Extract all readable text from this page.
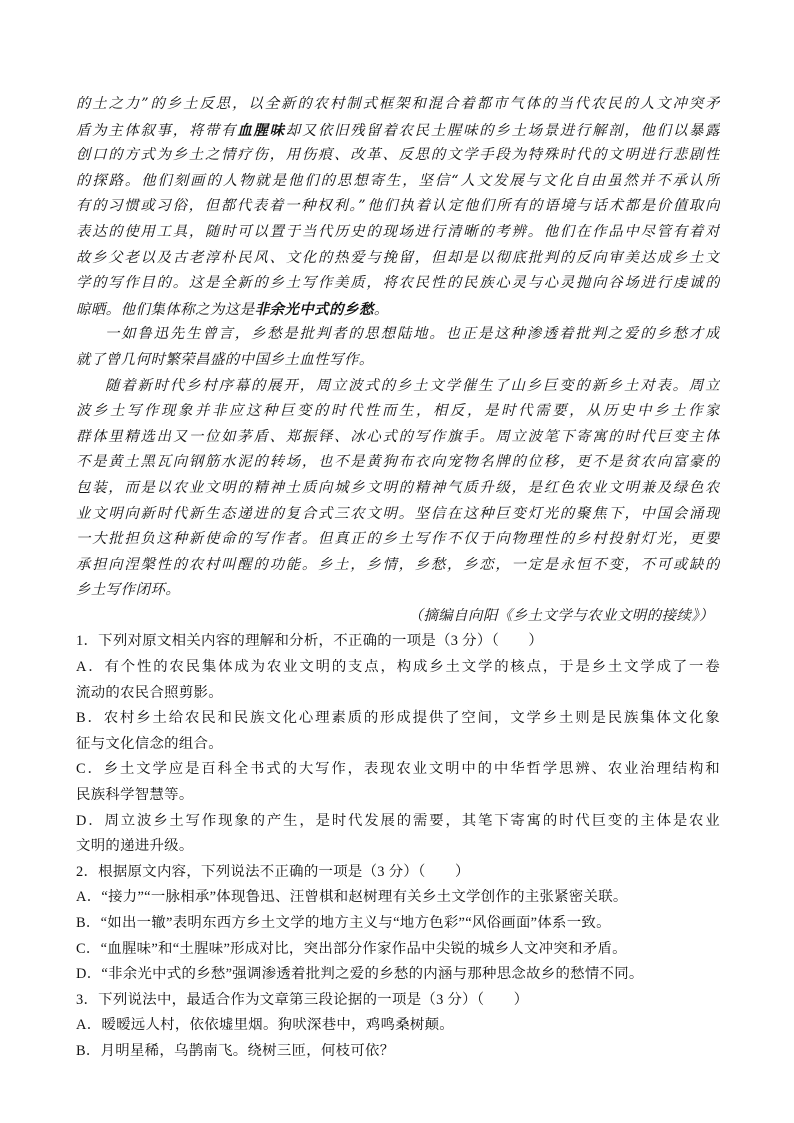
的土之力”的乡土反思，以全新的农村制式框架和混合着都市气体的当代农民的人文冲突矛
盾为主体叙事，将带有血腥味却又依旧残留着农民土腥味的乡土场景进行解剖，他们以暴露
创口的方式为乡土之情疗伤，用伤痕、改革、反思的文学手段为特殊时代的文明进行悲剧性
的探路。他们刻画的人物就是他们的思想寄生，坚信“人文发展与文化自由虽然并不承认所
有的习惯或习俗，但都代表着一种权利。”他们执着认定他们所有的语境与话术都是价值取向
表达的使用工具，随时可以置于当代历史的现场进行清晰的考辨。他们在作品中尽管有着对
故乡父老以及古老淳朴民风、文化的热爱与挽留，但却是以彻底批判的反向审美达成乡土文
学的写作目的。这是全新的乡土写作美质，将农民性的民族心灵与心灵抛向谷场进行虔诚的
晾晒。他们集体称之为这是非余光中式的乡愁。
一如鲁迅先生曾言，乡愁是批判者的思想陆地。也正是这种渗透着批判之爱的乡愁才成
就了曾几何时繁荣昌盛的中国乡土血性写作。
随着新时代乡村序幕的展开，周立波式的乡土文学催生了山乡巨变的新乡土对表。周立
波乡土写作现象并非应这种巨变的时代性而生，相反，是时代需要，从历史中乡土作家
群体里精选出又一位如茅盾、郑振铎、冰心式的写作旗手。周立波笔下寄寓的时代巨变主体
不是黄土黑瓦向钢筋水泥的转场，也不是黄狗布衣向宠物名牌的位移，更不是贫农向富豪的
包装，而是以农业文明的精神土质向城乡文明的精神气质升级，是红色农业文明兼及绿色农
业文明向新时代新生态递进的复合式三农文明。坚信在这种巨变灯光的聚焦下，中国会涌现
一大批担负这种新使命的写作者。但真正的乡土写作不仅于向物理性的乡村投射灯光，更要
承担向涅槃性的农村叫醒的功能。乡土，乡情，乡愁，乡恋，一定是永恒不变，不可或缺的
乡土写作闭环。
（摘编自向阳《乡土文学与农业文明的接续》）
1．下列对原文相关内容的理解和分析，不正确的一项是（3 分）（　　）
A．有个性的农民集体成为农业文明的支点，构成乡土文学的核点，于是乡土文学成了一卷
流动的农民合照剪影。
B．农村乡土给农民和民族文化心理素质的形成提供了空间，文学乡土则是民族集体文化象
征与文化信念的组合。
C．乡土文学应是百科全书式的大写作，表现农业文明中的中华哲学思辨、农业治理结构和
民族科学智慧等。
D．周立波乡土写作现象的产生，是时代发展的需要，其笔下寄寓的时代巨变的主体是农业
文明的递进升级。
2．根据原文内容，下列说法不正确的一项是（3 分）（　　）
A．“接力”“一脉相承”体现鲁迅、汪曾棋和赵树理有关乡土文学创作的主张紧密关联。
B．“如出一辙”表明东西方乡土文学的地方主义与“地方色彩”“风俗画面”体系一致。
C．“血腥味”和“土腥味”形成对比，突出部分作家作品中尖锐的城乡人文冲突和矛盾。
D．“非余光中式的乡愁”强调渗透着批判之爱的乡愁的内涵与那种思念故乡的愁情不同。
3．下列说法中，最适合作为文章第三段论据的一项是（3 分）（　　）
A．暧暧远人村，依依墟里烟。狗吠深巷中，鸡鸣桑树颠。
B．月明星稀，乌鹊南飞。绕树三匝，何枝可依？
